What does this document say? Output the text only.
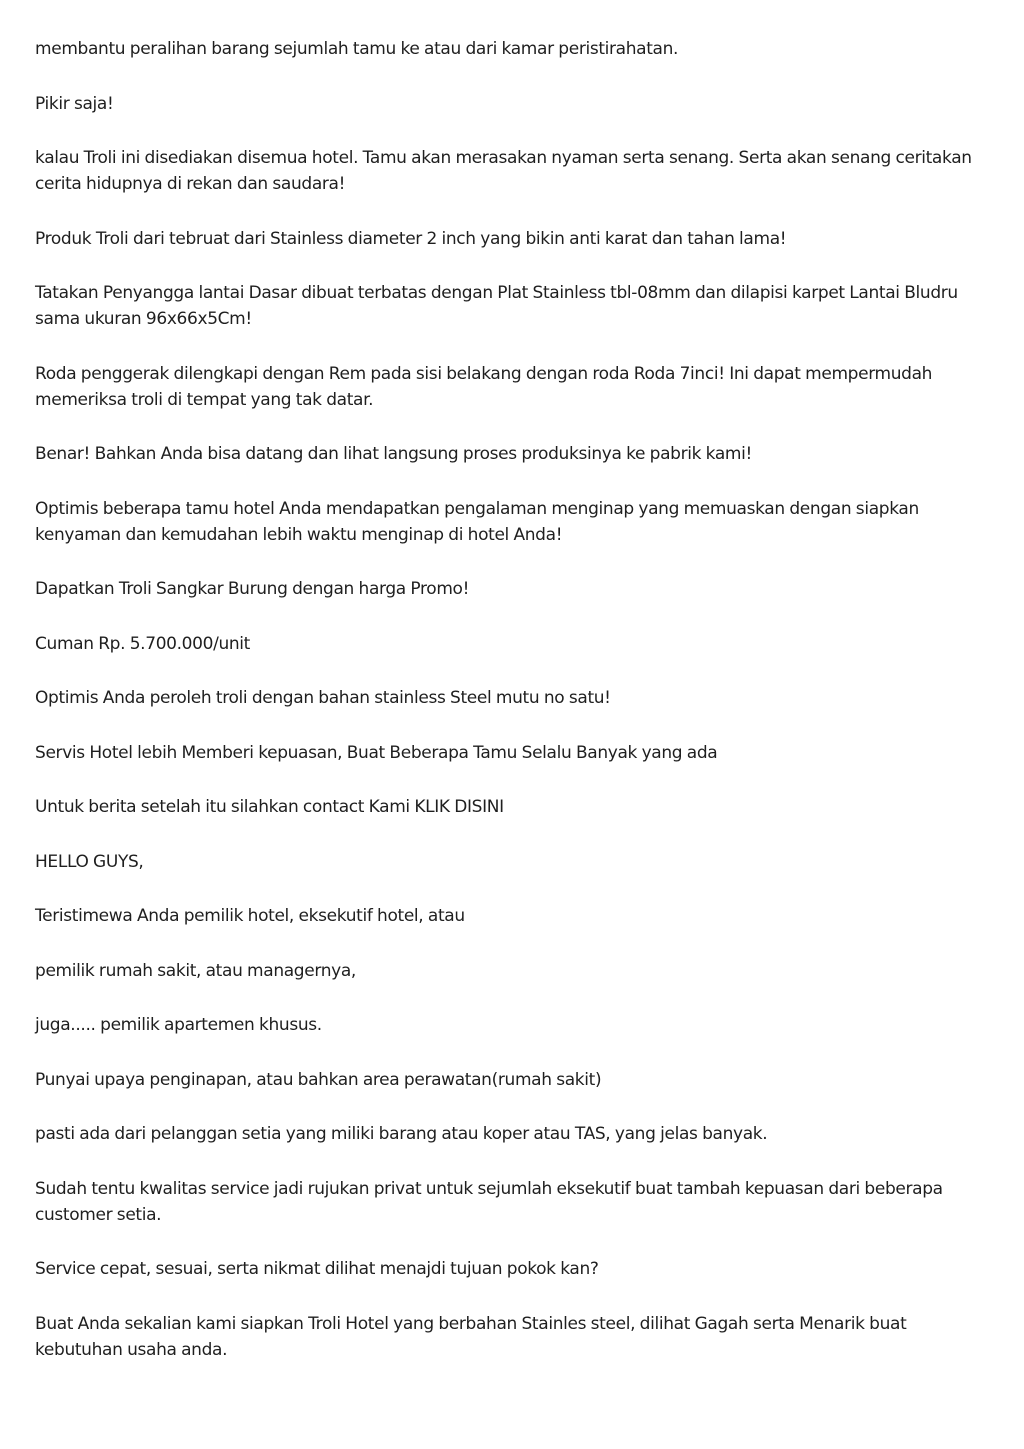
membantu peralihan barang sejumlah tamu ke atau dari kamar peristirahatan.

Pikir saja!

kalau Troli ini disediakan disemua hotel. Tamu akan merasakan nyaman serta senang. Serta akan senang ceritakan cerita hidupnya di rekan dan saudara!

Produk Troli dari tebruat dari Stainless diameter 2 inch yang bikin anti karat dan tahan lama!

Tatakan Penyangga lantai Dasar dibuat terbatas dengan Plat Stainless tbl-08mm dan dilapisi karpet Lantai Bludru sama ukuran 96x66x5Cm!

Roda penggerak dilengkapi dengan Rem pada sisi belakang dengan roda Roda 7inci! Ini dapat mempermudah memeriksa troli di tempat yang tak datar.

Benar! Bahkan Anda bisa datang dan lihat langsung proses produksinya ke pabrik kami!

Optimis beberapa tamu hotel Anda mendapatkan pengalaman menginap yang memuaskan dengan siapkan kenyaman dan kemudahan lebih waktu menginap di hotel Anda!

Dapatkan Troli Sangkar Burung dengan harga Promo!

Cuman Rp. 5.700.000/unit

Optimis Anda peroleh troli dengan bahan stainless Steel mutu no satu!

Servis Hotel lebih Memberi kepuasan, Buat Beberapa Tamu Selalu Banyak yang ada

Untuk berita setelah itu silahkan contact Kami KLIK DISINI

HELLO GUYS,

Teristimewa Anda pemilik hotel, eksekutif hotel, atau

pemilik rumah sakit, atau managernya,

juga..... pemilik apartemen khusus.

Punyai upaya penginapan, atau bahkan area perawatan(rumah sakit)

pasti ada dari pelanggan setia yang miliki barang atau koper atau TAS, yang jelas banyak.

Sudah tentu kwalitas service jadi rujukan privat untuk sejumlah eksekutif buat tambah kepuasan dari beberapa customer setia.

Service cepat, sesuai, serta nikmat dilihat menajdi tujuan pokok kan?

Buat Anda sekalian kami siapkan Troli Hotel yang berbahan Stainles steel, dilihat Gagah serta Menarik buat kebutuhan usaha anda.
